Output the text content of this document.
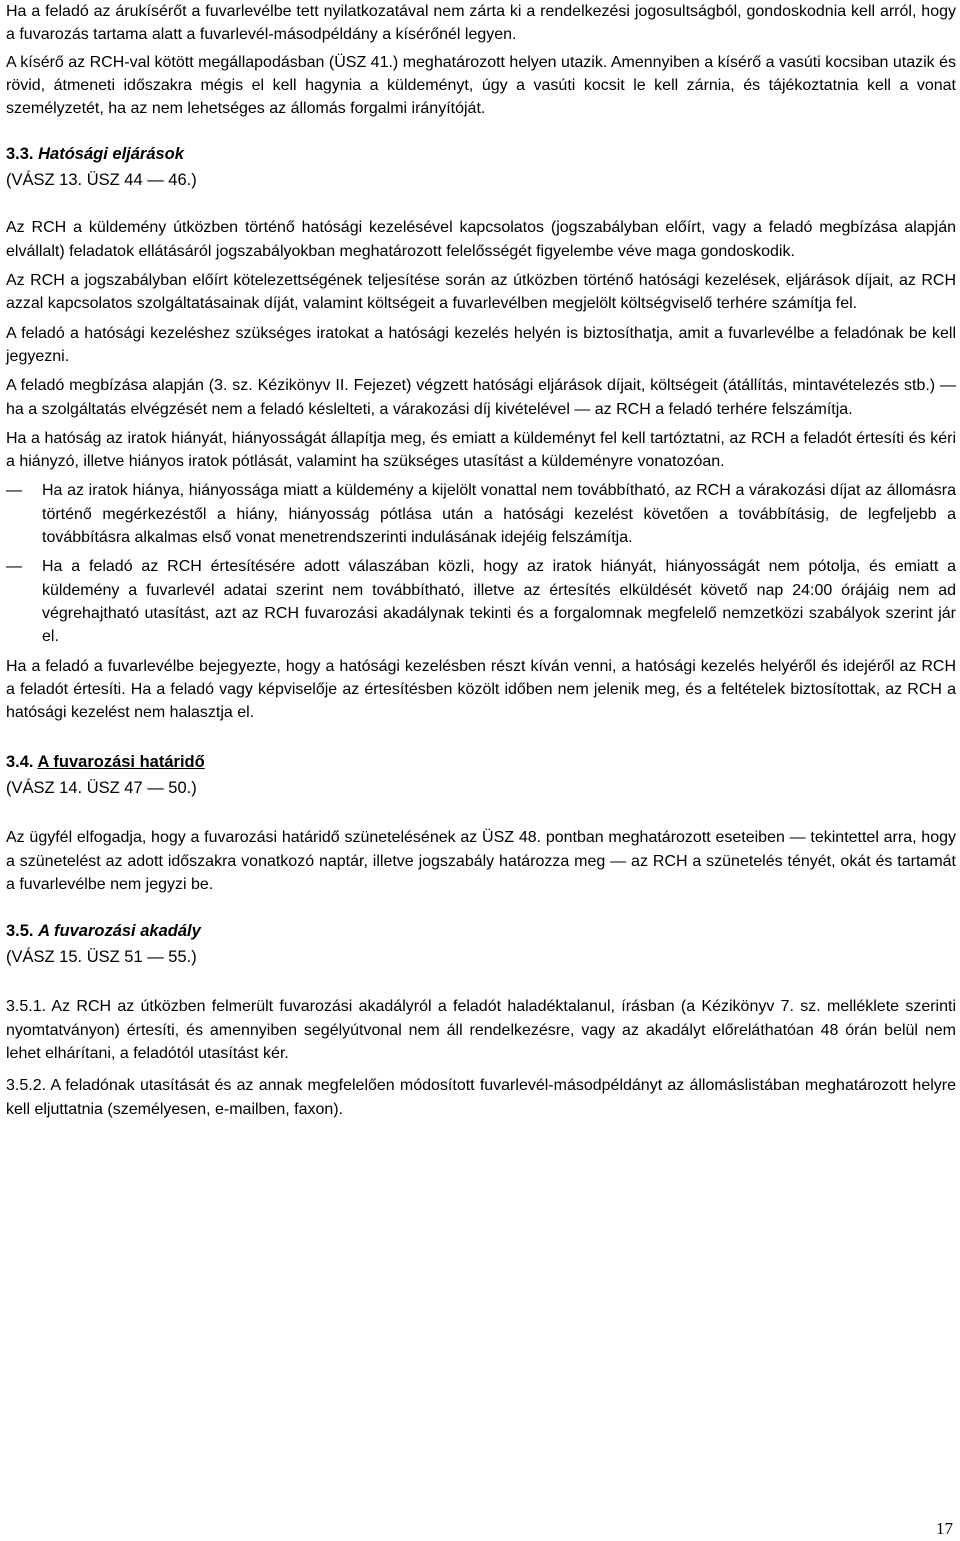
Ha a feladó az árukísérőt a fuvarlevélbe tett nyilatkozatával nem zárta ki a rendelkezési jogosultságból, gondoskodnia kell arról, hogy a fuvarozás tartama alatt a fuvarlevél-másodpéldány a kísérőnél legyen.

A kísérő az RCH-val kötött megállapodásban (ÜSZ 41.) meghatározott helyen utazik. Amennyiben a kísérő a vasúti kocsiban utazik és rövid, átmeneti időszakra mégis el kell hagynia a küldeményt, úgy a vasúti kocsit le kell zárnia, és tájékoztatnia kell a vonat személyzetét, ha az nem lehetséges az állomás forgalmi irányítóját.

3.3. Hatósági eljárások
(VÁSZ 13. ÜSZ 44 — 46.)

Az RCH a küldemény útközben történő hatósági kezelésével kapcsolatos (jogszabályban előírt, vagy a feladó megbízása alapján elvállalt) feladatok ellátásáról jogszabályokban meghatározott felelősségét figyelembe véve maga gondoskodik.

Az RCH a jogszabályban előírt kötelezettségének teljesítése során az útközben történő hatósági kezelések, eljárások díjait, az RCH azzal kapcsolatos szolgáltatásainak díját, valamint költségeit a fuvarlevélben megjelölt költségviselő terhére számítja fel.

A feladó a hatósági kezeléshez szükséges iratokat a hatósági kezelés helyén is biztosíthatja, amit a fuvarlevélbe a feladónak be kell jegyezni.

A feladó megbízása alapján (3. sz. Kézikönyv II. Fejezet) végzett hatósági eljárások díjait, költségeit (átállítás, mintavételezés stb.) — ha a szolgáltatás elvégzését nem a feladó késlelteti, a várakozási díj kivételével — az RCH a feladó terhére felszámítja.

Ha a hatóság az iratok hiányát, hiányosságát állapítja meg, és emiatt a küldeményt fel kell tartóztatni, az RCH a feladót értesíti és kéri a hiányzó, illetve hiányos iratok pótlását, valamint ha szükséges utasítást a küldeményre vonatozóan.

—	Ha az iratok hiánya, hiányossága miatt a küldemény a kijelölt vonattal nem továbbítható, az RCH a várakozási díjat az állomásra történő megérkezéstől a hiány, hiányosság pótlása után a hatósági kezelést követően a továbbításig, de legfeljebb a továbbításra alkalmas első vonat menetrendszerinti indulásának idejéig felszámítja.
—	Ha a feladó az RCH értesítésére adott válaszában közli, hogy az iratok hiányát, hiányosságát nem pótolja, és emiatt a küldemény a fuvarlevél adatai szerint nem továbbítható, illetve az értesítés elküldését követő nap 24:00 órájáig nem ad végrehajtható utasítást, azt az RCH fuvarozási akadálynak tekinti és a forgalomnak megfelelő nemzetközi szabályok szerint jár el.

Ha a feladó a fuvarlevélbe bejegyezte, hogy a hatósági kezelésben részt kíván venni, a hatósági kezelés helyéről és idejéről az RCH a feladót értesíti. Ha a feladó vagy képviselője az értesítésben közölt időben nem jelenik meg, és a feltételek biztosítottak, az RCH a hatósági kezelést nem halasztja el.

3.4. A fuvarozási határidő
(VÁSZ 14. ÜSZ 47 — 50.)

Az ügyfél elfogadja, hogy a fuvarozási határidő szünetelésének az ÜSZ 48. pontban meghatározott eseteiben — tekintettel arra, hogy a szünetelést az adott időszakra vonatkozó naptár, illetve jogszabály határozza meg — az RCH a szünetelés tényét, okát és tartamát a fuvarlevélbe nem jegyzi be.

3.5. A fuvarozási akadály
(VÁSZ 15. ÜSZ 51 — 55.)

3.5.1. Az RCH az útközben felmerült fuvarozási akadályról a feladót haladéktalanul, írásban (a Kézikönyv 7. sz. melléklete szerinti nyomtatványon) értesíti, és amennyiben segélyútvonal nem áll rendelkezésre, vagy az akadályt előreláthatóan 48 órán belül nem lehet elhárítani, a feladótól utasítást kér.

3.5.2. A feladónak utasítását és az annak megfelelően módosított fuvarlevél-másodpéldányt az állomáslistában meghatározott helyre kell eljuttatnia (személyesen, e-mailben, faxon).

17
